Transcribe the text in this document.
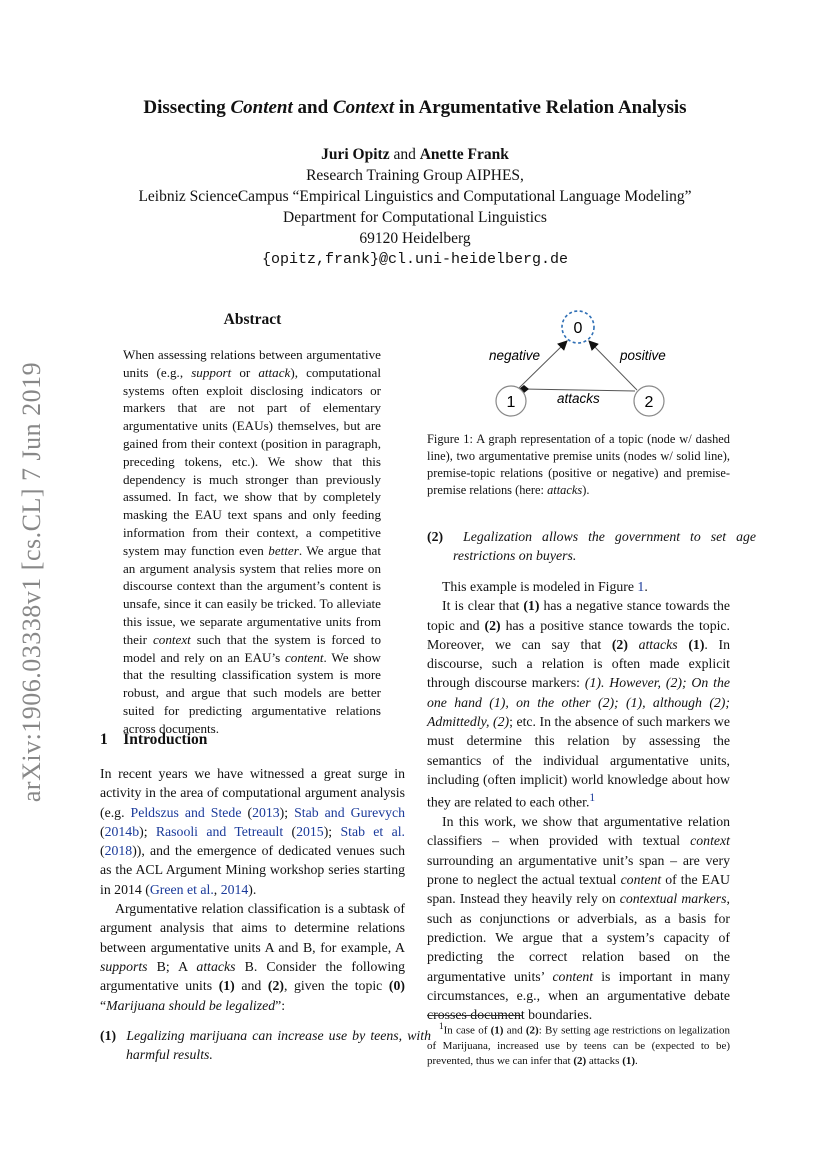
arXiv:1906.03338v1 [cs.CL] 7 Jun 2019
Dissecting Content and Context in Argumentative Relation Analysis
Juri Opitz and Anette Frank
Research Training Group AIPHES,
Leibniz ScienceCampus “Empirical Linguistics and Computational Language Modeling”
Department for Computational Linguistics
69120 Heidelberg
{opitz,frank}@cl.uni-heidelberg.de
Abstract

When assessing relations between argumentative units (e.g., support or attack), computational systems often exploit disclosing indicators or markers that are not part of elementary argumentative units (EAUs) themselves, but are gained from their context (position in paragraph, preceding tokens, etc.). We show that this dependency is much stronger than previously assumed. In fact, we show that by completely masking the EAU text spans and only feeding information from their context, a competitive system may function even better. We argue that an argument analysis system that relies more on discourse context than the argument’s content is unsafe, since it can easily be tricked. To alleviate this issue, we separate argumentative units from their context such that the system is forced to model and rely on an EAU’s content. We show that the resulting classification system is more robust, and argue that such models are better suited for predicting argumentative relations across documents.

1 Introduction

In recent years we have witnessed a great surge in activity in the area of computational argument analysis (e.g. Peldszus and Stede (2013); Stab and Gurevych (2014b); Rasooli and Tetreault (2015); Stab et al. (2018)), and the emergence of dedicated venues such as the ACL Argument Mining workshop series starting in 2014 (Green et al., 2014).

Argumentative relation classification is a subtask of argument analysis that aims to determine relations between argumentative units A and B, for example, A supports B; A attacks B. Consider the following argumentative units (1) and (2), given the topic (0) “Marijuana should be legalized”:

(1) Legalizing marijuana can increase use by teens, with harmful results.
0
1	2
negative	positive
attacks
Figure 1: A graph representation of a topic (node w/ dashed line), two argumentative premise units (nodes w/ solid line), premise-topic relations (positive or negative) and premise-premise relations (here: attacks).
(2) Legalization allows the government to set age restrictions on buyers.

This example is modeled in Figure 1.

It is clear that (1) has a negative stance towards the topic and (2) has a positive stance towards the topic. Moreover, we can say that (2) attacks (1). In discourse, such a relation is often made explicit through discourse markers: (1). However, (2); On the one hand (1), on the other (2); (1), although (2); Admittedly, (2); etc. In the absence of such markers we must determine this relation by assessing the semantics of the individual argumentative units, including (often implicit) world knowledge about how they are related to each other.$^1$

In this work, we show that argumentative relation classifiers – when provided with textual context surrounding an argumentative unit’s span – are very prone to neglect the actual textual content of the EAU span. Instead they heavily rely on contextual markers, such as conjunctions or adverbials, as a basis for prediction. We argue that a system’s capacity of predicting the correct relation based on the argumentative units’ content is important in many circumstances, e.g., when an argumentative debate crosses document boundaries.

$^1$In case of (1) and (2): By setting age restrictions on legalization of Marijuana, increased use by teens can be (expected to be) prevented, thus we can infer that (2) attacks (1).
